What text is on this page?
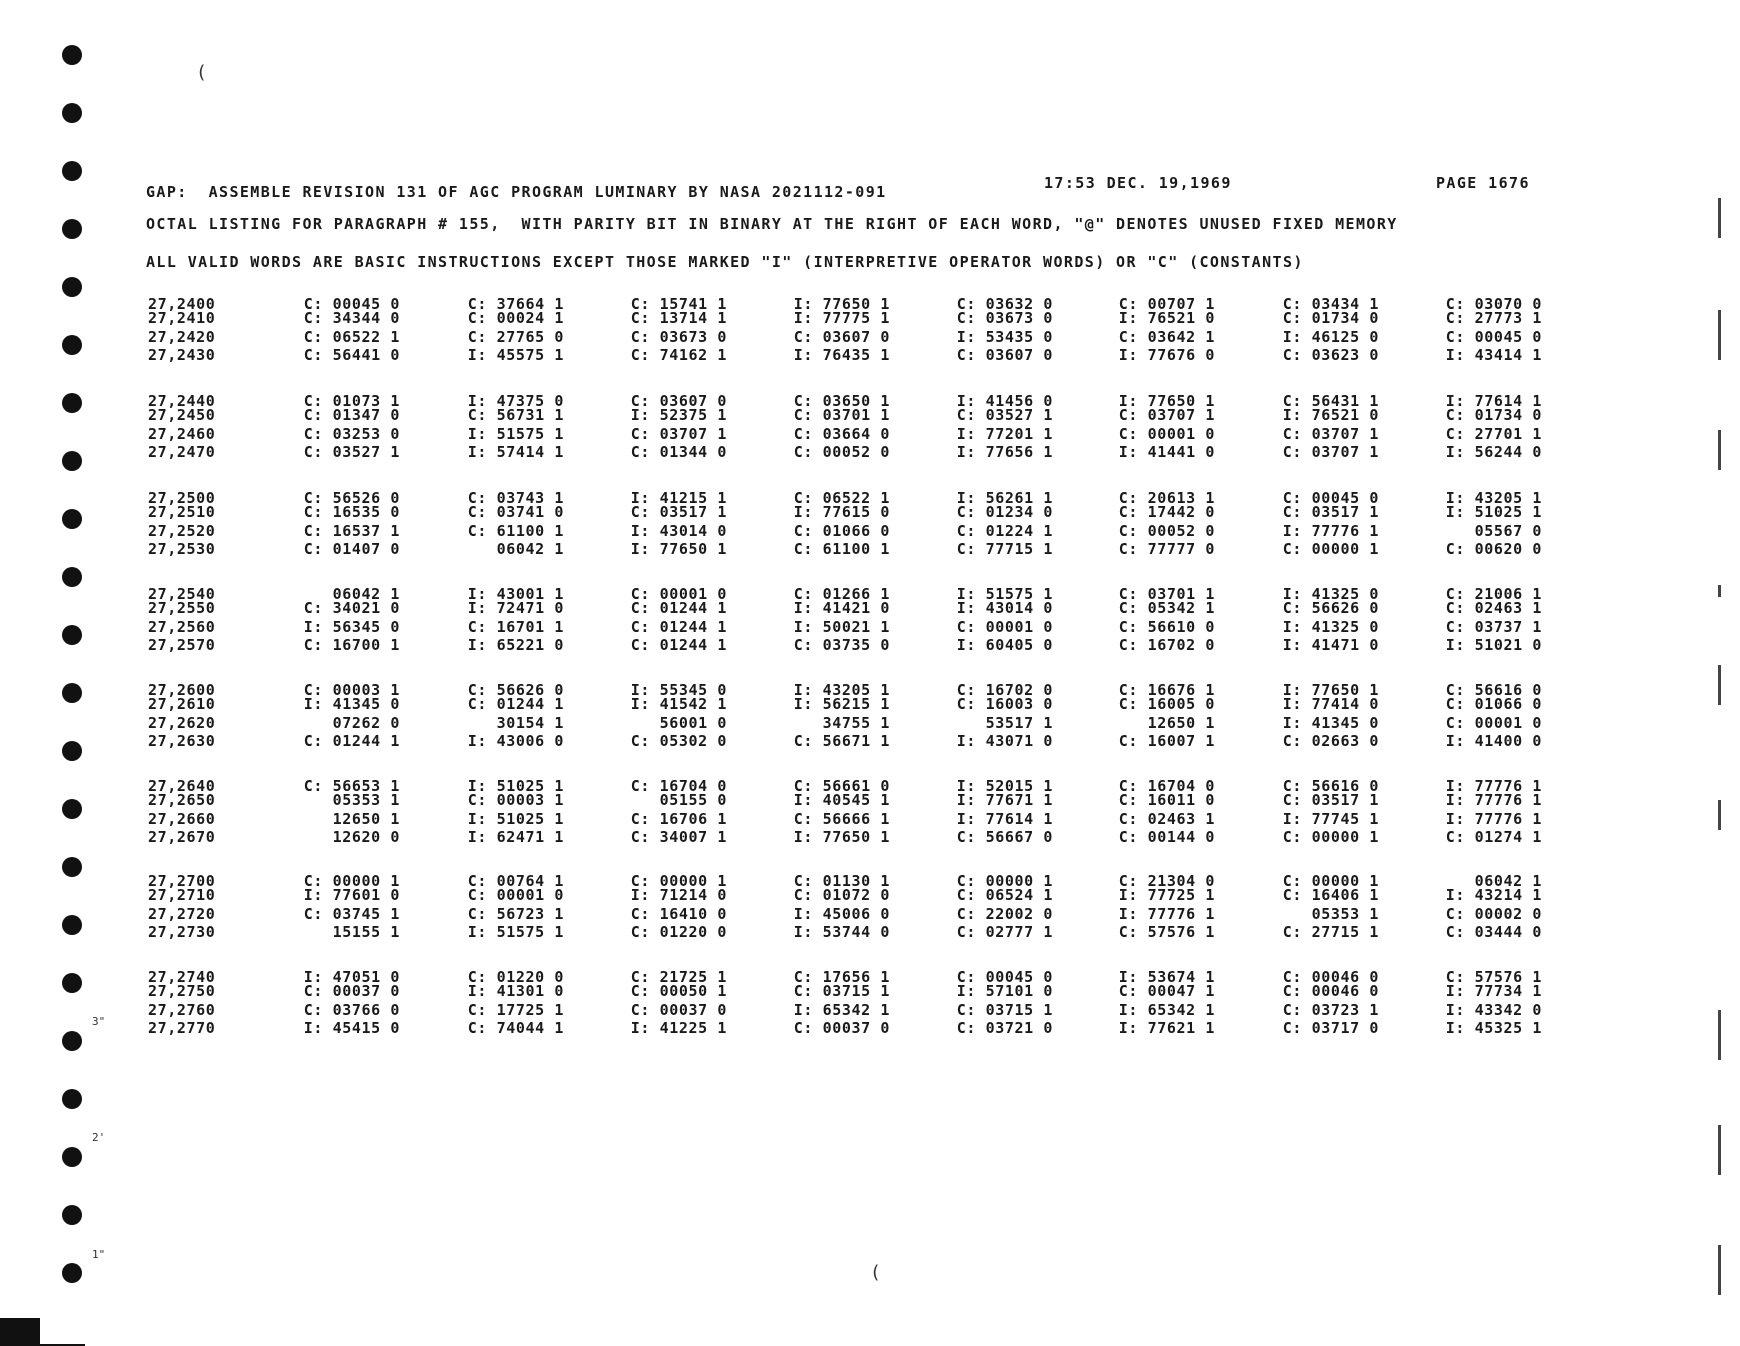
3"
2'
1"
(
(
GAP:  ASSEMBLE REVISION 131 OF AGC PROGRAM LUMINARY BY NASA 2021112-091	17:53 DEC. 19,1969	PAGE 1676
OCTAL LISTING FOR PARAGRAPH # 155,  WITH PARITY BIT IN BINARY AT THE RIGHT OF EACH WORD, "@" DENOTES UNUSED FIXED MEMORY
ALL VALID WORDS ARE BASIC INSTRUCTIONS EXCEPT THOSE MARKED "I" (INTERPRETIVE OPERATOR WORDS) OR "C" (CONSTANTS)
27,2400	C: 00045 0	C: 37664 1	C: 15741 1	I: 77650 1	C: 03632 0	C: 00707 1	C: 03434 1	C: 03070 0
27,2410	C: 34344 0	C: 00024 1	C: 13714 1	I: 77775 1	C: 03673 0	I: 76521 0	C: 01734 0	C: 27773 1
27,2420	C: 06522 1	C: 27765 0	C: 03673 0	C: 03607 0	I: 53435 0	C: 03642 1	I: 46125 0	C: 00045 0
27,2430	C: 56441 0	I: 45575 1	C: 74162 1	I: 76435 1	C: 03607 0	I: 77676 0	C: 03623 0	I: 43414 1
27,2440	C: 01073 1	I: 47375 0	C: 03607 0	C: 03650 1	I: 41456 0	I: 77650 1	C: 56431 1	I: 77614 1
27,2450	C: 01347 0	C: 56731 1	I: 52375 1	C: 03701 1	C: 03527 1	C: 03707 1	I: 76521 0	C: 01734 0
27,2460	C: 03253 0	I: 51575 1	C: 03707 1	C: 03664 0	I: 77201 1	C: 00001 0	C: 03707 1	C: 27701 1
27,2470	C: 03527 1	I: 57414 1	C: 01344 0	C: 00052 0	I: 77656 1	I: 41441 0	C: 03707 1	I: 56244 0
27,2500	C: 56526 0	C: 03743 1	I: 41215 1	C: 06522 1	I: 56261 1	C: 20613 1	C: 00045 0	I: 43205 1
27,2510	C: 16535 0	C: 03741 0	C: 03517 1	I: 77615 0	C: 01234 0	C: 17442 0	C: 03517 1	I: 51025 1
27,2520	C: 16537 1	C: 61100 1	I: 43014 0	C: 01066 0	C: 01224 1	C: 00052 0	I: 77776 1	05567 0
27,2530	C: 01407 0	06042 1	I: 77650 1	C: 61100 1	C: 77715 1	C: 77777 0	C: 00000 1	C: 00620 0
27,2540	06042 1	I: 43001 1	C: 00001 0	C: 01266 1	I: 51575 1	C: 03701 1	I: 41325 0	C: 21006 1
27,2550	C: 34021 0	I: 72471 0	C: 01244 1	I: 41421 0	I: 43014 0	C: 05342 1	C: 56626 0	C: 02463 1
27,2560	I: 56345 0	C: 16701 1	C: 01244 1	I: 50021 1	C: 00001 0	C: 56610 0	I: 41325 0	C: 03737 1
27,2570	C: 16700 1	I: 65221 0	C: 01244 1	C: 03735 0	I: 60405 0	C: 16702 0	I: 41471 0	I: 51021 0
27,2600	C: 00003 1	C: 56626 0	I: 55345 0	I: 43205 1	C: 16702 0	C: 16676 1	I: 77650 1	C: 56616 0
27,2610	I: 41345 0	C: 01244 1	I: 41542 1	I: 56215 1	C: 16003 0	C: 16005 0	I: 77414 0	C: 01066 0
27,2620	07262 0	30154 1	56001 0	34755 1	53517 1	12650 1	I: 41345 0	C: 00001 0
27,2630	C: 01244 1	I: 43006 0	C: 05302 0	C: 56671 1	I: 43071 0	C: 16007 1	C: 02663 0	I: 41400 0
27,2640	C: 56653 1	I: 51025 1	C: 16704 0	C: 56661 0	I: 52015 1	C: 16704 0	C: 56616 0	I: 77776 1
27,2650	05353 1	C: 00003 1	05155 0	I: 40545 1	I: 77671 1	C: 16011 0	C: 03517 1	I: 77776 1
27,2660	12650 1	I: 51025 1	C: 16706 1	C: 56666 1	I: 77614 1	C: 02463 1	I: 77745 1	I: 77776 1
27,2670	12620 0	I: 62471 1	C: 34007 1	I: 77650 1	C: 56667 0	C: 00144 0	C: 00000 1	C: 01274 1
27,2700	C: 00000 1	C: 00764 1	C: 00000 1	C: 01130 1	C: 00000 1	C: 21304 0	C: 00000 1	06042 1
27,2710	I: 77601 0	C: 00001 0	I: 71214 0	C: 01072 0	C: 06524 1	I: 77725 1	C: 16406 1	I: 43214 1
27,2720	C: 03745 1	C: 56723 1	C: 16410 0	I: 45006 0	C: 22002 0	I: 77776 1	05353 1	C: 00002 0
27,2730	15155 1	I: 51575 1	C: 01220 0	I: 53744 0	C: 02777 1	C: 57576 1	C: 27715 1	C: 03444 0
27,2740	I: 47051 0	C: 01220 0	C: 21725 1	C: 17656 1	C: 00045 0	I: 53674 1	C: 00046 0	C: 57576 1
27,2750	C: 00037 0	I: 41301 0	C: 00050 1	C: 03715 1	I: 57101 0	C: 00047 1	C: 00046 0	I: 77734 1
27,2760	C: 03766 0	C: 17725 1	C: 00037 0	I: 65342 1	C: 03715 1	I: 65342 1	C: 03723 1	I: 43342 0
27,2770	I: 45415 0	C: 74044 1	I: 41225 1	C: 00037 0	C: 03721 0	I: 77621 1	C: 03717 0	I: 45325 1
